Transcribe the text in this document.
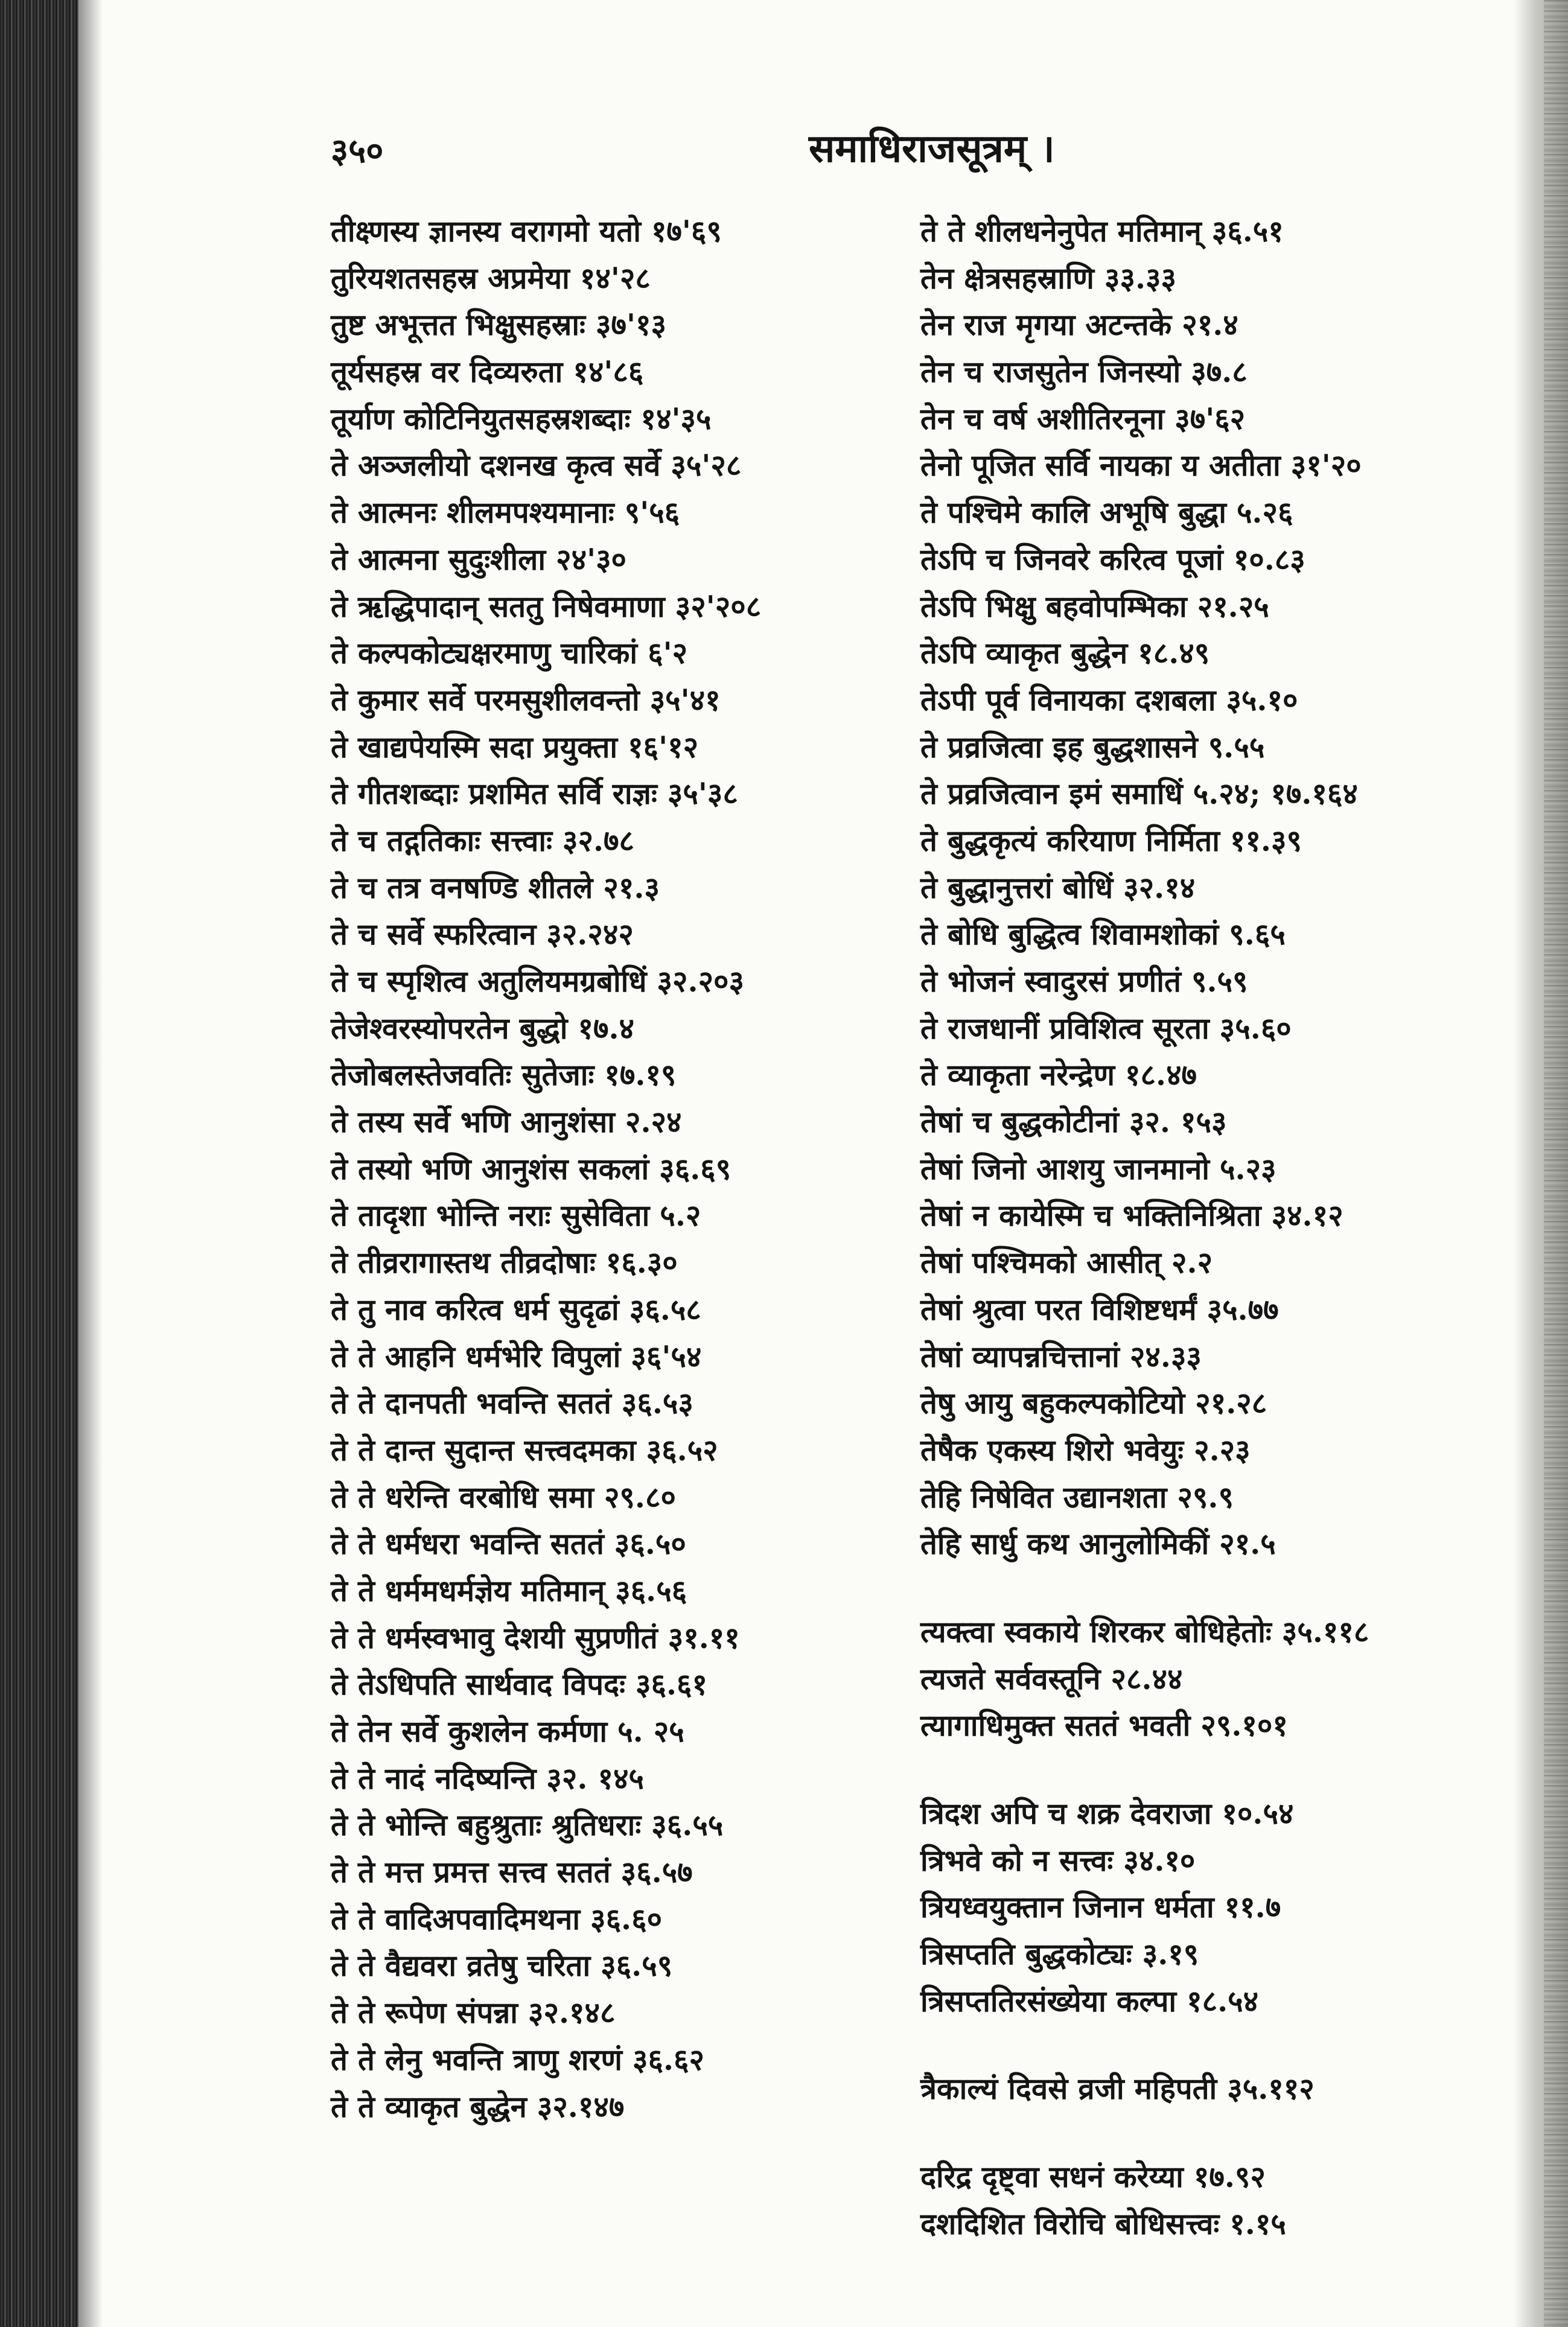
३५०	समाधिराजसूत्रम् ।
तीक्ष्णस्य ज्ञानस्य वरागमो यतो १७'६९
तुरियशतसहस्र अप्रमेया १४'२८
तुष्ट अभूत्तत भिक्षुसहस्राः ३७'१३
तूर्यसहस्र वर दिव्यरुता १४'८६
तूर्याण कोटिनियुतसहस्रशब्दाः १४'३५
ते अञ्जलीयो दशनख कृत्व सर्वे ३५'२८
ते आत्मनः शीलमपश्यमानाः ९'५६
ते आत्मना सुदुःशीला २४'३०
ते ऋद्धिपादान् सततु निषेवमाणा ३२'२०८
ते कल्पकोट्यक्षरमाणु चारिकां ६'२
ते कुमार सर्वे परमसुशीलवन्तो ३५'४१
ते खाद्यपेयस्मि सदा प्रयुक्ता १६'१२
ते गीतशब्दाः प्रशमित सर्वि राज्ञः ३५'३८
ते च तद्गतिकाः सत्त्वाः ३२.७८
ते च तत्र वनषण्डि शीतले २१.३
ते च सर्वे स्फरित्वान ३२.२४२
ते च स्पृशित्व अतुलियमग्रबोधिं ३२.२०३
तेजेश्वरस्योपरतेन बुद्धो १७.४
तेजोबलस्तेजवतिः सुतेजाः १७.१९
ते तस्य सर्वे भणि आनुशंसा २.२४
ते तस्यो भणि आनुशंस सकलां ३६.६९
ते तादृशा भोन्ति नराः सुसेविता ५.२
ते तीव्ररागास्तथ तीव्रदोषाः १६.३०
ते तु नाव करित्व धर्म सुदृढां ३६.५८
ते ते आहनि धर्मभेरि विपुलां ३६'५४
ते ते दानपती भवन्ति सततं ३६.५३
ते ते दान्त सुदान्त सत्त्वदमका ३६.५२
ते ते धरेन्ति वरबोधि समा २९.८०
ते ते धर्मधरा भवन्ति सततं ३६.५०
ते ते धर्ममधर्मज्ञेय मतिमान् ३६.५६
ते ते धर्मस्वभावु देशयी सुप्रणीतं ३१.११
ते तेऽधिपति सार्थवाद विपदः ३६.६१
ते तेन सर्वे कुशलेन कर्मणा ५. २५
ते ते नादं नदिष्यन्ति ३२. १४५
ते ते भोन्ति बहुश्रुताः श्रुतिधराः ३६.५५
ते ते मत्त प्रमत्त सत्त्व सततं ३६.५७
ते ते वादिअपवादिमथना ३६.६०
ते ते वैद्यवरा व्रतेषु चरिता ३६.५९
ते ते रूपेण संपन्ना ३२.१४८
ते ते लेनु भवन्ति त्राणु शरणं ३६.६२
ते ते व्याकृत बुद्धेन ३२.१४७
ते ते शीलधनेनुपेत मतिमान् ३६.५१
तेन क्षेत्रसहस्राणि ३३.३३
तेन राज मृगया अटन्तके २१.४
तेन च राजसुतेन जिनस्यो ३७.८
तेन च वर्ष अशीतिरनूना ३७'६२
तेनो पूजित सर्वि नायका य अतीता ३१'२०
ते पश्चिमे कालि अभूषि बुद्धा ५.२६
तेऽपि च जिनवरे करित्व पूजां १०.८३
तेऽपि भिक्षु बहवोपम्भिका २१.२५
तेऽपि व्याकृत बुद्धेन १८.४९
तेऽपी पूर्व विनायका दशबला ३५.१०
ते प्रव्रजित्वा इह बुद्धशासने ९.५५
ते प्रव्रजित्वान इमं समाधिं ५.२४; १७.१६४
ते बुद्धकृत्यं करियाण निर्मिता ११.३९
ते बुद्धानुत्तरां बोधिं ३२.१४
ते बोधि बुद्धित्व शिवामशोकां ९.६५
ते भोजनं स्वादुरसं प्रणीतं ९.५९
ते राजधानीं प्रविशित्व सूरता ३५.६०
ते व्याकृता नरेन्द्रेण १८.४७
तेषां च बुद्धकोटीनां ३२. १५३
तेषां जिनो आशयु जानमानो ५.२३
तेषां न कायेस्मि च भक्तिनिश्रिता ३४.१२
तेषां पश्चिमको आसीत् २.२
तेषां श्रुत्वा परत विशिष्टधर्मं ३५.७७
तेषां व्यापन्नचित्तानां २४.३३
तेषु आयु बहुकल्पकोटियो २१.२८
तेषैक एकस्य शिरो भवेयुः २.२३
तेहि निषेवित उद्यानशता २९.९
तेहि सार्धु कथ आनुलोमिकीं २१.५
त्यक्त्वा स्वकाये शिरकर बोधिहेतोः ३५.११८
त्यजते सर्ववस्तूनि २८.४४
त्यागाधिमुक्त सततं भवती २९.१०१
त्रिदश अपि च शक्र देवराजा १०.५४
त्रिभवे को न सत्त्वः ३४.१०
त्रियध्वयुक्तान जिनान धर्मता ११.७
त्रिसप्तति बुद्धकोट्यः ३.१९
त्रिसप्ततिरसंख्येया कल्पा १८.५४
त्रैकाल्यं दिवसे व्रजी महिपती ३५.११२
दरिद्र दृष्ट्वा सधनं करेय्या १७.९२
दशदिशित विरोचि बोधिसत्त्वः १.१५
